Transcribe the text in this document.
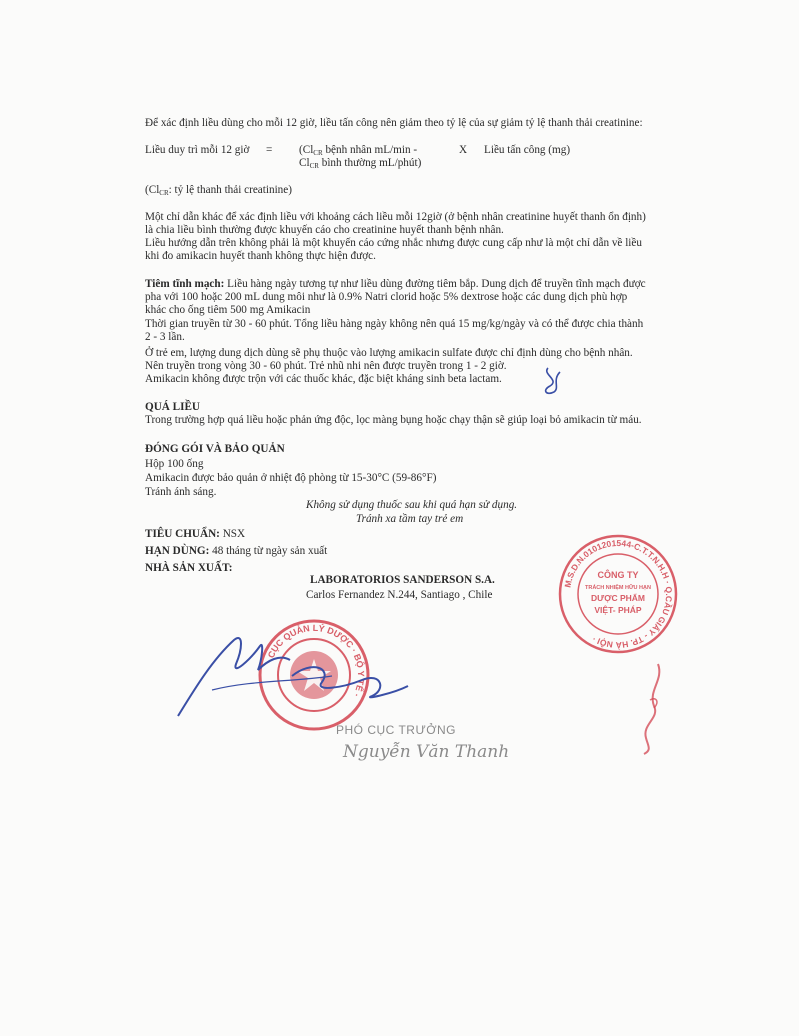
Để xác định liều dùng cho mỗi 12 giờ, liều tấn công nên giảm theo tỷ lệ của sự giảm tỷ lệ thanh thải creatinine:
Liều duy trì mỗi 12 giờ = ($Cl_{CR}$ bệnh nhân mL/min -
$Cl_{CR}$ bình thường mL/phút)
X Liều tấn công (mg)
($Cl_{CR}$: tỷ lệ thanh thải creatinine)
Một chỉ dẫn khác để xác định liều với khoảng cách liều mỗi 12giờ (ở bệnh nhân creatinine huyết thanh ổn định)
là chia liều bình thường được khuyến cáo cho creatinine huyết thanh bệnh nhân.
Liều hướng dẫn trên không phải là một khuyến cáo cứng nhắc nhưng được cung cấp như là một chỉ dẫn về liều
khi đo amikacin huyết thanh không thực hiện được.
Tiêm tĩnh mạch: Liều hàng ngày tương tự như liều dùng đường tiêm bắp. Dung dịch để truyền tĩnh mạch được
pha với 100 hoặc 200 mL dung môi như là 0.9% Natri clorid hoặc 5% dextrose hoặc các dung dịch phù hợp
khác cho ống tiêm 500 mg Amikacin
Thời gian truyền từ 30 - 60 phút. Tổng liều hàng ngày không nên quá 15 mg/kg/ngày và có thể được chia thành
2 - 3 lần.
Ở trẻ em, lượng dung dịch dùng sẽ phụ thuộc vào lượng amikacin sulfate được chỉ định dùng cho bệnh nhân.
Nên truyền trong vòng 30 - 60 phút. Trẻ nhũ nhi nên được truyền trong 1 - 2 giờ.
Amikacin không được trộn với các thuốc khác, đặc biệt kháng sinh beta lactam.
QUÁ LIỀU
Trong trường hợp quá liều hoặc phản ứng độc, lọc màng bụng hoặc chạy thận sẽ giúp loại bỏ amikacin từ máu.
ĐÓNG GÓI VÀ BẢO QUẢN
Hộp 100 ống
Amikacin được bảo quản ở nhiệt độ phòng từ 15-30°C (59-86°F)
Tránh ánh sáng.
Không sử dụng thuốc sau khi quá hạn sử dụng.
Tránh xa tầm tay trẻ em
TIÊU CHUẨN: NSX
HẠN DÙNG: 48 tháng từ ngày sản xuất
NHÀ SẢN XUẤT:
LABORATORIOS SANDERSON S.A.
Carlos Fernandez N.244, Santiago , Chile
M.S.D.N.0101201544-C.T.T.N.H.H · Q.CẦU GIẤY - TP. HÀ NỘI ·
CÔNG TY
TRÁCH NHIỆM HỮU HẠN
DƯỢC PHẨM
VIỆT- PHÁP
CỤC QUẢN LÝ DƯỢC · BỘ Y TẾ ·
PHÓ CỤC TRƯỞNG
Nguyễn Văn Thanh
